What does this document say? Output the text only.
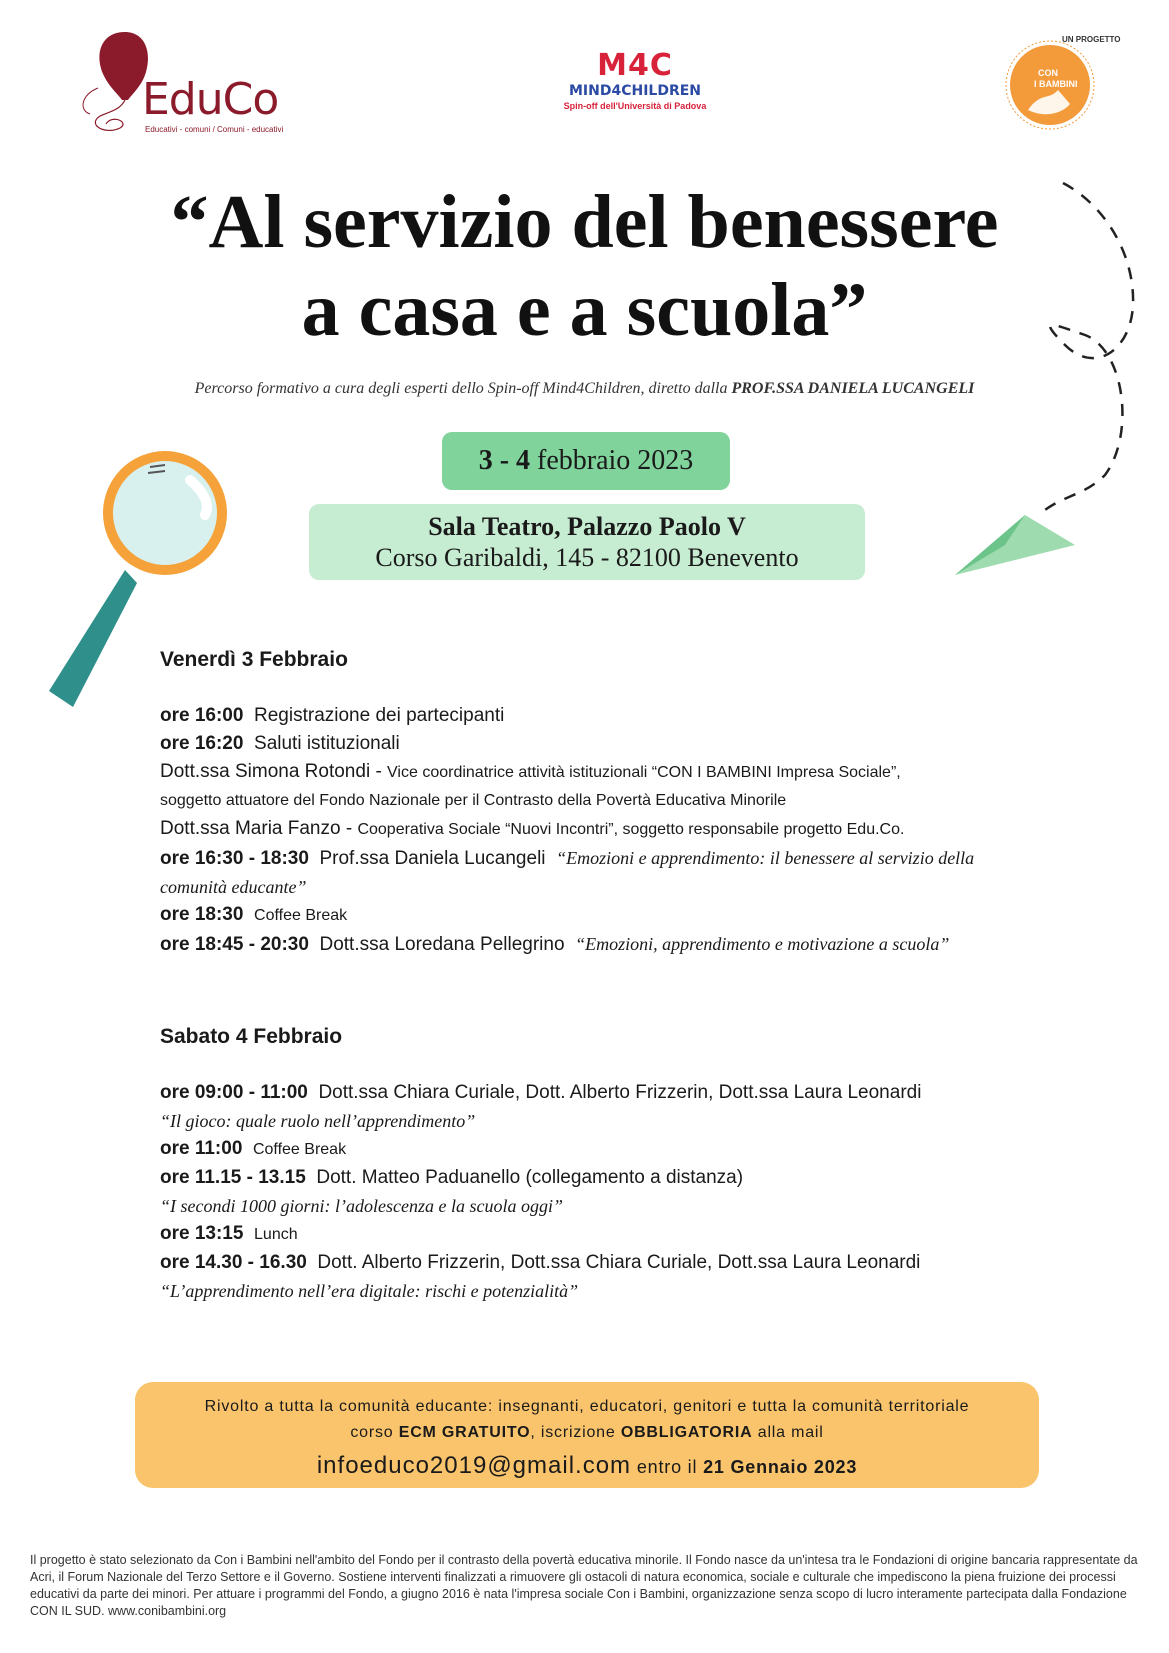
EduCo
Educativi - comuni / Comuni - educativi
M4C
MIND4CHILDREN
Spin-off dell'Università di Padova
UN PROGETTO
CON
I BAMBINI
“Al servizio del benessere
a casa e a scuola”
Percorso formativo a cura degli esperti dello Spin-off Mind4Children, diretto dalla PROF.SSA DANIELA LUCANGELI
3 - 4 febbraio 2023
Sala Teatro, Palazzo Paolo V
Corso Garibaldi, 145 - 82100 Benevento
Venerdì 3 Febbraio
ore 16:00 Registrazione dei partecipanti
ore 16:20 Saluti istituzionali
Dott.ssa Simona Rotondi - Vice coordinatrice attività istituzionali “CON I BAMBINI Impresa Sociale”,
soggetto attuatore del Fondo Nazionale per il Contrasto della Povertà Educativa Minorile
Dott.ssa Maria Fanzo - Cooperativa Sociale “Nuovi Incontri”, soggetto responsabile progetto Edu.Co.
ore 16:30 - 18:30 Prof.ssa Daniela Lucangeli “Emozioni e apprendimento: il benessere al servizio della
comunità educante”
ore 18:30 Coffee Break
ore 18:45 - 20:30 Dott.ssa Loredana Pellegrino “Emozioni, apprendimento e motivazione a scuola”
Sabato 4 Febbraio
ore 09:00 - 11:00 Dott.ssa Chiara Curiale, Dott. Alberto Frizzerin, Dott.ssa Laura Leonardi
“Il gioco: quale ruolo nell’apprendimento”
ore 11:00 Coffee Break
ore 11.15 - 13.15 Dott. Matteo Paduanello (collegamento a distanza)
“I secondi 1000 giorni: l’adolescenza e la scuola oggi”
ore 13:15 Lunch
ore 14.30 - 16.30 Dott. Alberto Frizzerin, Dott.ssa Chiara Curiale, Dott.ssa Laura Leonardi
“L’apprendimento nell’era digitale: rischi e potenzialità”
Rivolto a tutta la comunità educante: insegnanti, educatori, genitori e tutta la comunità territoriale
corso ECM GRATUITO, iscrizione OBBLIGATORIA alla mail
infoeduco2019@gmail.com entro il 21 Gennaio 2023
Il progetto è stato selezionato da Con i Bambini nell'ambito del Fondo per il contrasto della povertà educativa minorile. Il Fondo nasce da un'intesa tra le Fondazioni di origine bancaria rappresentate da Acri, il Forum Nazionale del Terzo Settore e il Governo. Sostiene interventi finalizzati a rimuovere gli ostacoli di natura economica, sociale e culturale che impediscono la piena fruizione dei processi educativi da parte dei minori. Per attuare i programmi del Fondo, a giugno 2016 è nata l'impresa sociale Con i Bambini, organizzazione senza scopo di lucro interamente partecipata dalla Fondazione CON IL SUD. www.conibambini.org
